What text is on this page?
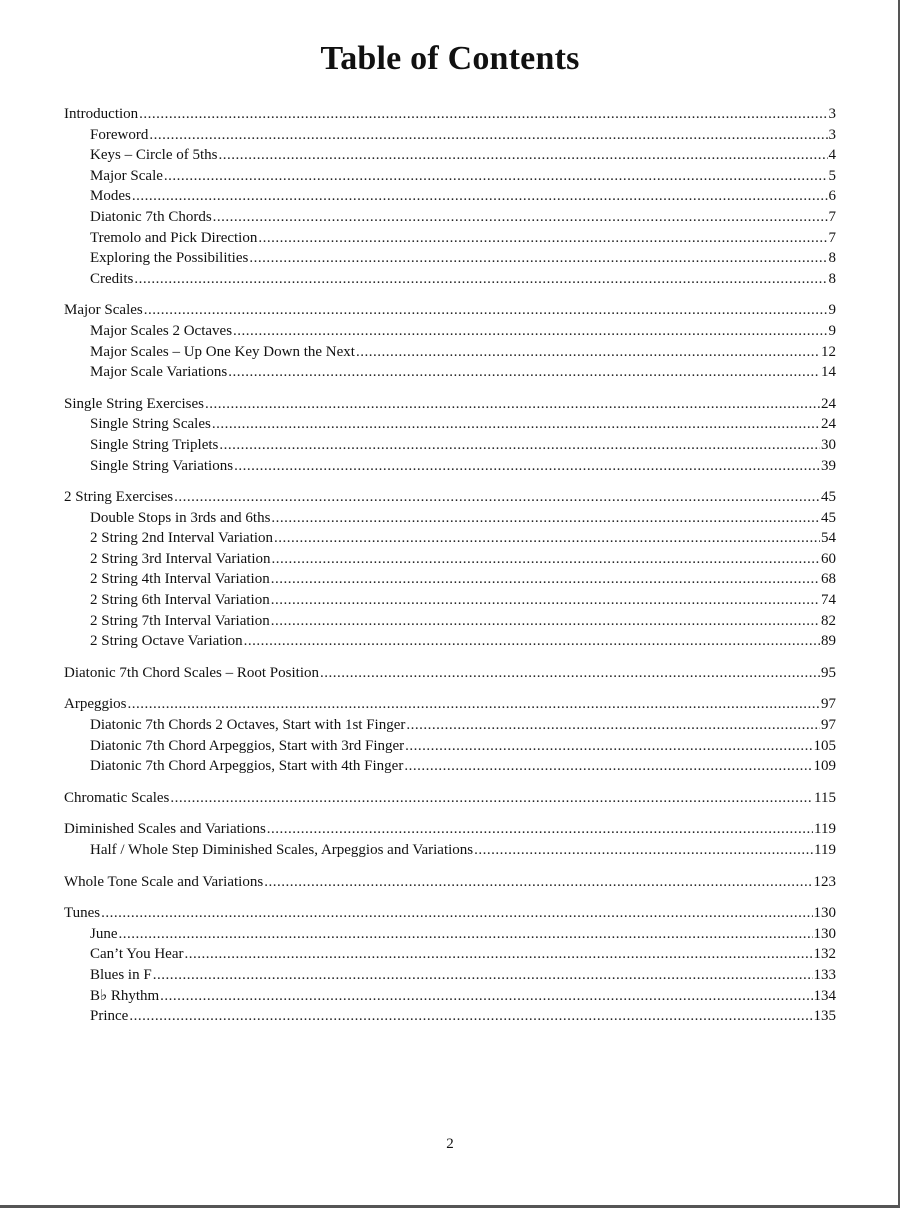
Table of Contents
Introduction .....	3
Foreword .....	3
Keys – Circle of 5ths .....	4
Major Scale .....	5
Modes .....	6
Diatonic 7th Chords .....	7
Tremolo and Pick Direction .....	7
Exploring the Possibilities .....	8
Credits .....	8
Major Scales .....	9
Major Scales 2 Octaves .....	9
Major Scales – Up One Key Down the Next .....	12
Major Scale Variations .....	14
Single String Exercises .....	24
Single String Scales .....	24
Single String Triplets .....	30
Single String Variations .....	39
2 String Exercises .....	45
Double Stops in 3rds and 6ths .....	45
2 String 2nd Interval Variation .....	54
2 String 3rd Interval Variation .....	60
2 String 4th Interval Variation .....	68
2 String 6th Interval Variation .....	74
2 String 7th Interval Variation .....	82
2 String Octave Variation .....	89
Diatonic 7th Chord Scales – Root Position .....	95
Arpeggios .....	97
Diatonic 7th Chords 2 Octaves, Start with 1st Finger .....	97
Diatonic 7th Chord Arpeggios, Start with 3rd Finger .....	105
Diatonic 7th Chord Arpeggios, Start with 4th Finger .....	109
Chromatic Scales .....	115
Diminished Scales and Variations .....	119
Half / Whole Step Diminished Scales, Arpeggios and Variations .....	119
Whole Tone Scale and Variations .....	123
Tunes .....	130
June .....	130
Can’t You Hear .....	132
Blues in F .....	133
B♭ Rhythm .....	134
Prince .....	135
2
